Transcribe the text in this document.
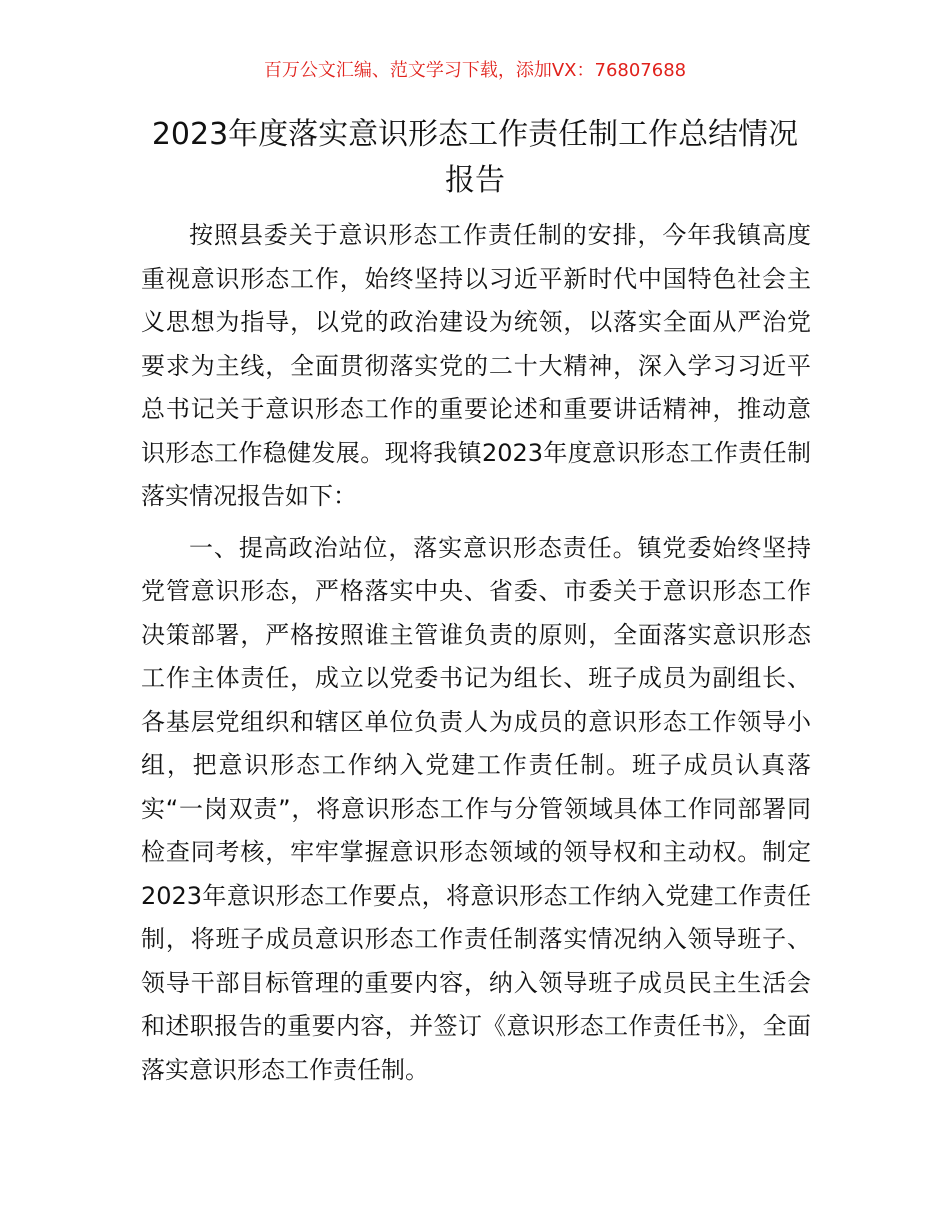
百万公文汇编、范文学习下载，添加VX：76807688
2023年度落实意识形态工作责任制工作总结情况报告

按照县委关于意识形态工作责任制的安排，今年我镇高度重视意识形态工作，始终坚持以习近平新时代中国特色社会主义思想为指导，以党的政治建设为统领，以落实全面从严治党要求为主线，全面贯彻落实党的二十大精神，深入学习习近平总书记关于意识形态工作的重要论述和重要讲话精神，推动意识形态工作稳健发展。现将我镇2023年度意识形态工作责任制落实情况报告如下：

一、提高政治站位，落实意识形态责任。镇党委始终坚持党管意识形态，严格落实中央、省委、市委关于意识形态工作决策部署，严格按照谁主管谁负责的原则，全面落实意识形态工作主体责任，成立以党委书记为组长、班子成员为副组长、各基层党组织和辖区单位负责人为成员的意识形态工作领导小组，把意识形态工作纳入党建工作责任制。班子成员认真落实“一岗双责”，将意识形态工作与分管领域具体工作同部署同检查同考核，牢牢掌握意识形态领域的领导权和主动权。制定2023年意识形态工作要点，将意识形态工作纳入党建工作责任制，将班子成员意识形态工作责任制落实情况纳入领导班子、领导干部目标管理的重要内容，纳入领导班子成员民主生活会和述职报告的重要内容，并签订《意识形态工作责任书》，全面落实意识形态工作责任制。
